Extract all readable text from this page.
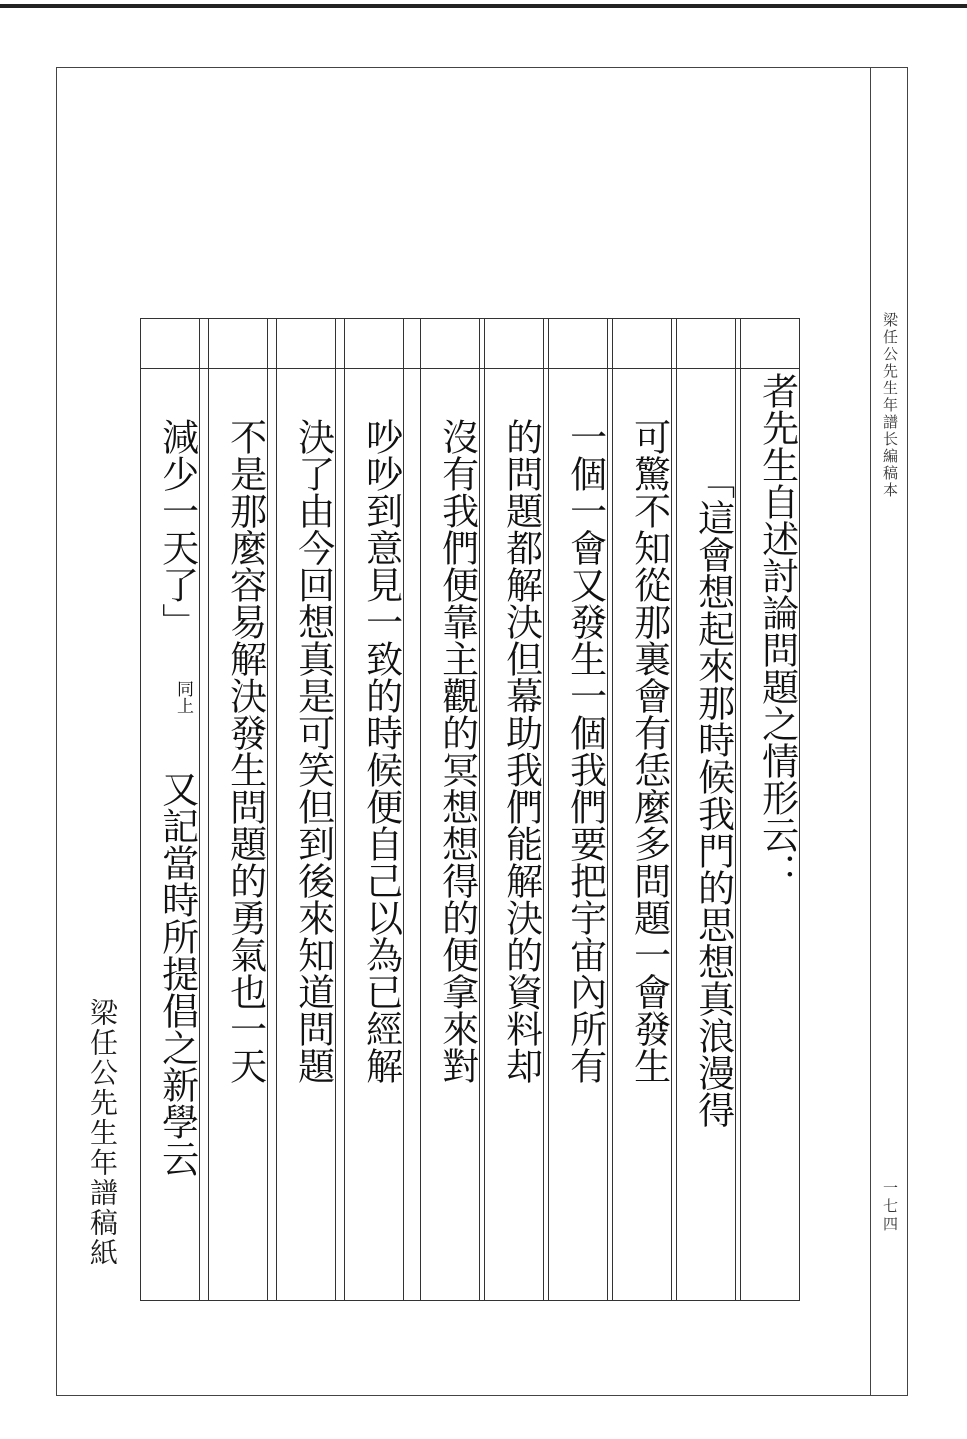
梁任公先生年譜长編稿本
一七四
梁任公先生年譜稿紙
者先生自述討論問題之情形云：
「這會想起來那時候我門的思想真浪漫得
可驚不知從那裏會有恁麼多問題一會發生
一個一會又發生一個我們要把宇宙內所有
的問題都解決但幕助我們能解決的資料却
沒有我們便靠主觀的冥想想得的便拿來對
吵吵到意見一致的時候便自己以為已經解
決了由今回想真是可笑但到後來知道問題
不是那麼容易解決發生問題的勇氣也一天
減少一天了」
同上
又記當時所提倡之新學云
